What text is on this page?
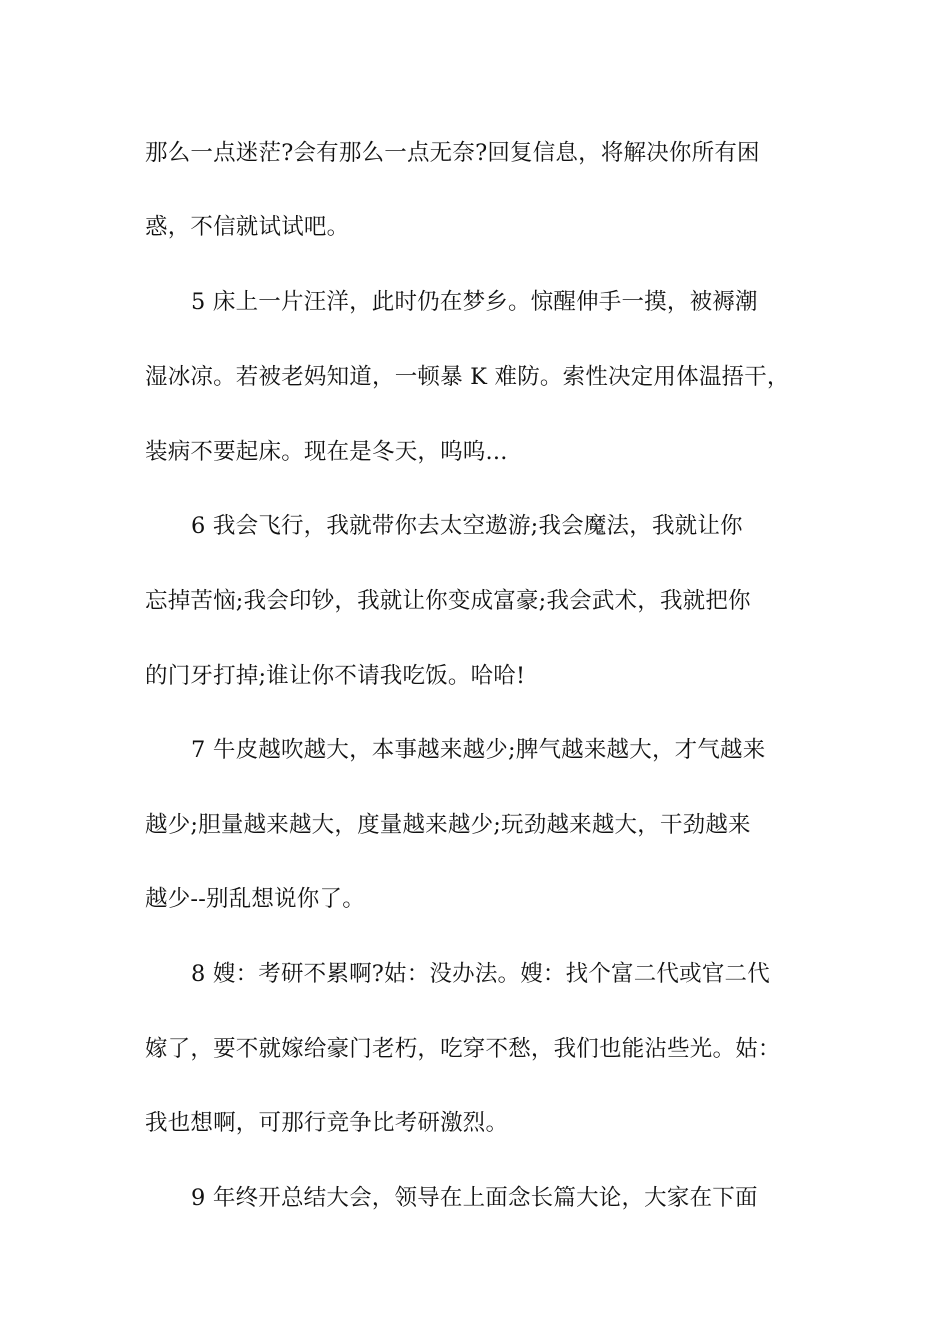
那么一点迷茫?会有那么一点无奈?回复信息，将解决你所有困
惑，不信就试试吧。
5 床上一片汪洋，此时仍在梦乡。惊醒伸手一摸，被褥潮
湿冰凉。若被老妈知道，一顿暴 K 难防。索性决定用体温捂干，
装病不要起床。现在是冬天，呜呜...
6 我会飞行，我就带你去太空遨游;我会魔法，我就让你
忘掉苦恼;我会印钞，我就让你变成富豪;我会武术，我就把你
的门牙打掉;谁让你不请我吃饭。哈哈!
7 牛皮越吹越大，本事越来越少;脾气越来越大，才气越来
越少;胆量越来越大，度量越来越少;玩劲越来越大，干劲越来
越少--别乱想说你了。
8 嫂：考研不累啊?姑：没办法。嫂：找个富二代或官二代
嫁了，要不就嫁给豪门老朽，吃穿不愁，我们也能沾些光。姑：
我也想啊，可那行竞争比考研激烈。
9 年终开总结大会，领导在上面念长篇大论，大家在下面
